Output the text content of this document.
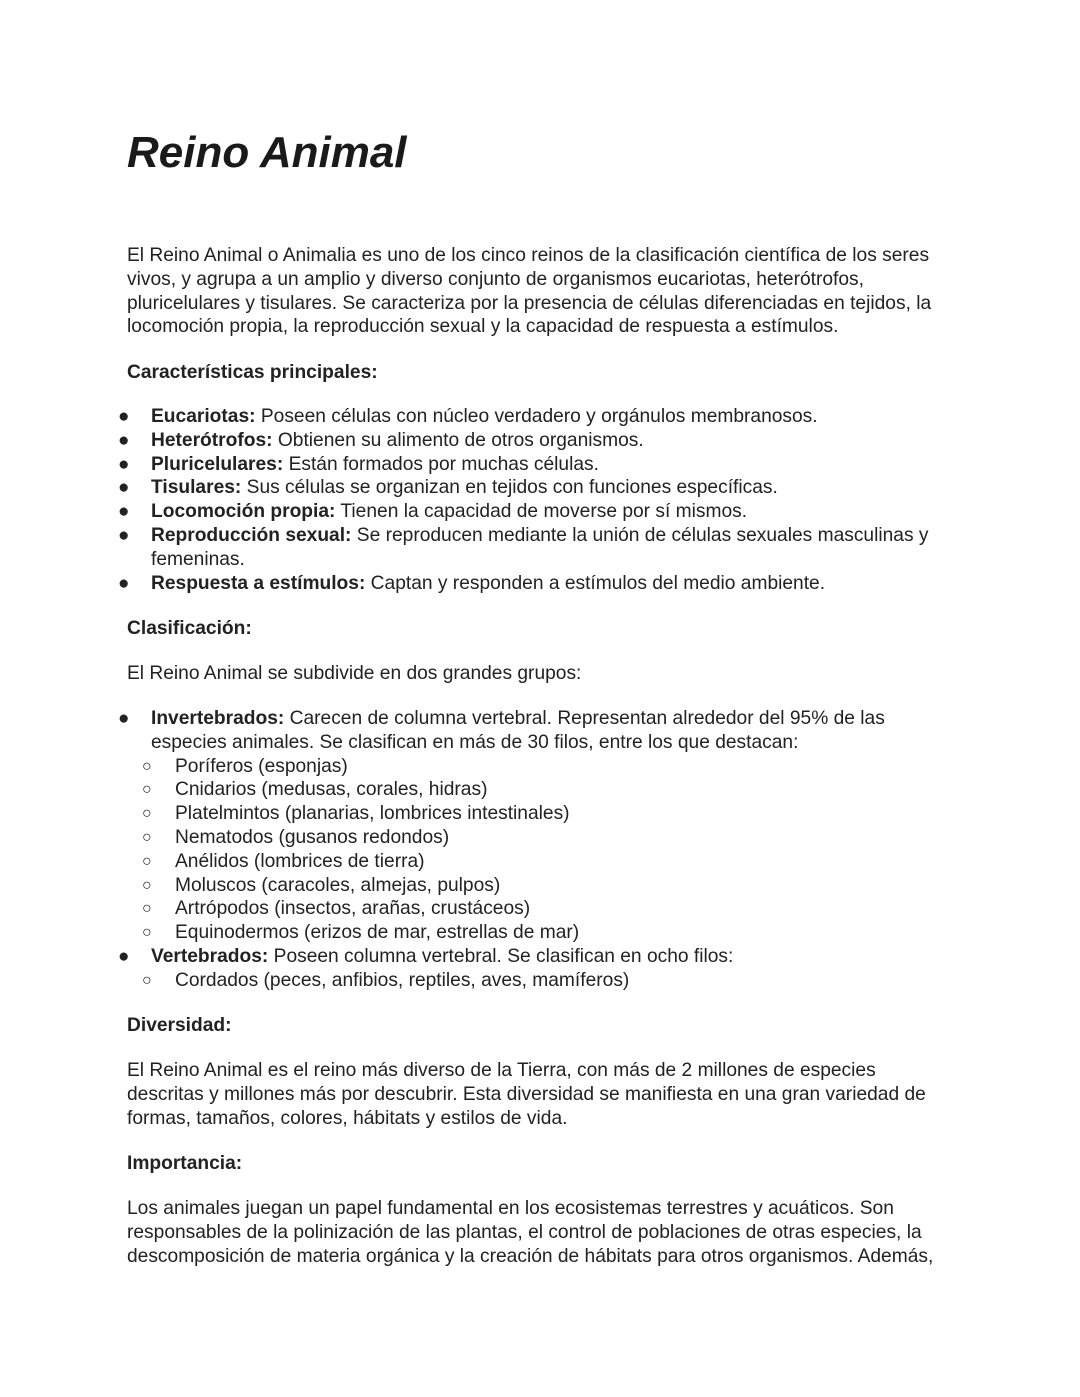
Reino Animal

El Reino Animal o Animalia es uno de los cinco reinos de la clasificación científica de los seres vivos, y agrupa a un amplio y diverso conjunto de organismos eucariotas, heterótrofos, pluricelulares y tisulares. Se caracteriza por la presencia de células diferenciadas en tejidos, la locomoción propia, la reproducción sexual y la capacidad de respuesta a estímulos.

Características principales:
● Eucariotas: Poseen células con núcleo verdadero y orgánulos membranosos.
● Heterótrofos: Obtienen su alimento de otros organismos.
● Pluricelulares: Están formados por muchas células.
● Tisulares: Sus células se organizan en tejidos con funciones específicas.
● Locomoción propia: Tienen la capacidad de moverse por sí mismos.
● Reproducción sexual: Se reproducen mediante la unión de células sexuales masculinas y femeninas.
● Respuesta a estímulos: Captan y responden a estímulos del medio ambiente.
Clasificación:

El Reino Animal se subdivide en dos grandes grupos:

● Invertebrados: Carecen de columna vertebral. Representan alrededor del 95% de las especies animales. Se clasifican en más de 30 filos, entre los que destacan:
○ Poríferos (esponjas)
○ Cnidarios (medusas, corales, hidras)
○ Platelmintos (planarias, lombrices intestinales)
○ Nematodos (gusanos redondos)
○ Anélidos (lombrices de tierra)
○ Moluscos (caracoles, almejas, pulpos)
○ Artrópodos (insectos, arañas, crustáceos)
○ Equinodermos (erizos de mar, estrellas de mar)
● Vertebrados: Poseen columna vertebral. Se clasifican en ocho filos:
○ Cordados (peces, anfibios, reptiles, aves, mamíferos)
Diversidad:

El Reino Animal es el reino más diverso de la Tierra, con más de 2 millones de especies descritas y millones más por descubrir. Esta diversidad se manifiesta en una gran variedad de formas, tamaños, colores, hábitats y estilos de vida.

Importancia:

Los animales juegan un papel fundamental en los ecosistemas terrestres y acuáticos. Son responsables de la polinización de las plantas, el control de poblaciones de otras especies, la descomposición de materia orgánica y la creación de hábitats para otros organismos. Además,
